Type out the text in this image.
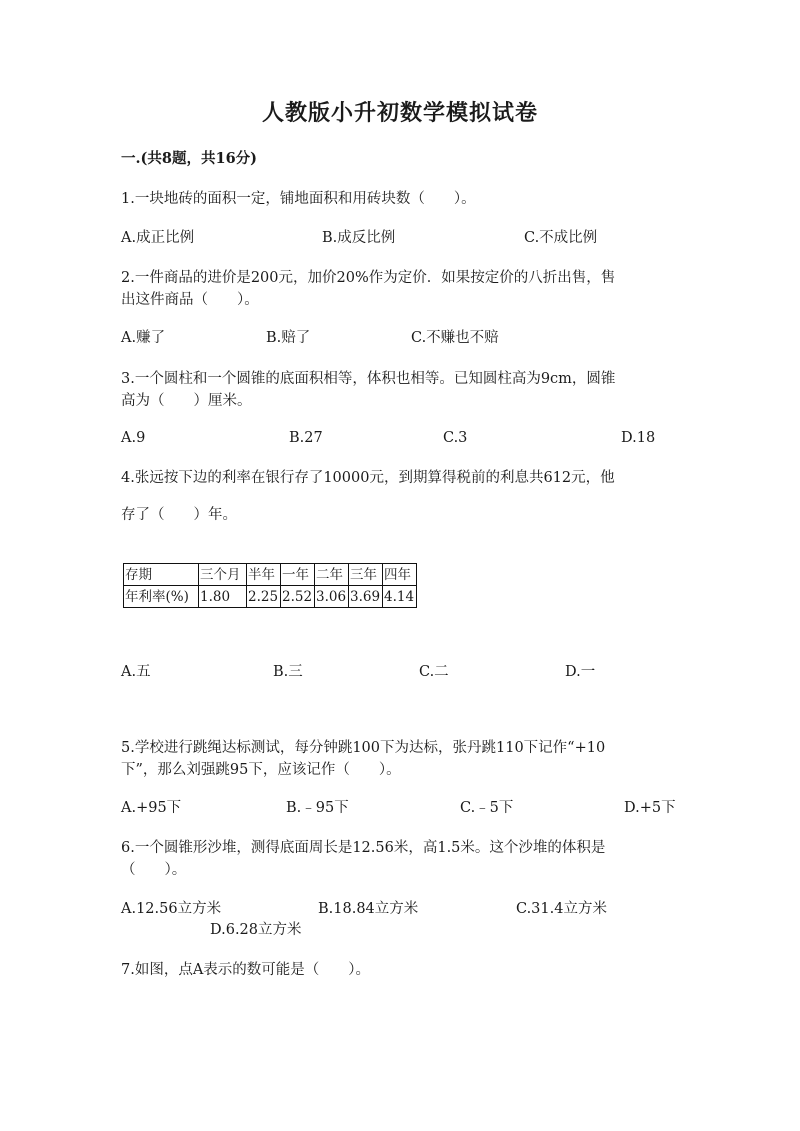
人教版小升初数学模拟试卷
一.(共8题，共16分)
1.一块地砖的面积一定，铺地面积和用砖块数（　　）。
A.成正比例	B.成反比例	C.不成比例
2.一件商品的进价是200元，加价20%作为定价．如果按定价的八折出售，售
出这件商品（　　）。
A.赚了	B.赔了	C.不赚也不赔
3.一个圆柱和一个圆锥的底面积相等，体积也相等。已知圆柱高为9cm，圆锥
高为（　　）厘米。
A.9	B.27	C.3	D.18
4.张远按下边的利率在银行存了10000元，到期算得税前的利息共612元，他
存了（　　）年。
存期	三个月	半年	一年	二年	三年	四年
年利率(%)	1.80	2.25	2.52	3.06	3.69	4.14
A.五	B.三	C.二	D.一
5.学校进行跳绳达标测试，每分钟跳100下为达标，张丹跳110下记作“+10
下”，那么刘强跳95下，应该记作（　　）。
A.+95下	B.﹣95下	C.﹣5下	D.+5下
6.一个圆锥形沙堆，测得底面周长是12.56米，高1.5米。这个沙堆的体积是
（　　）。
A.12.56立方米	B.18.84立方米	C.31.4立方米
D.6.28立方米
7.如图，点A表示的数可能是（　　）。
